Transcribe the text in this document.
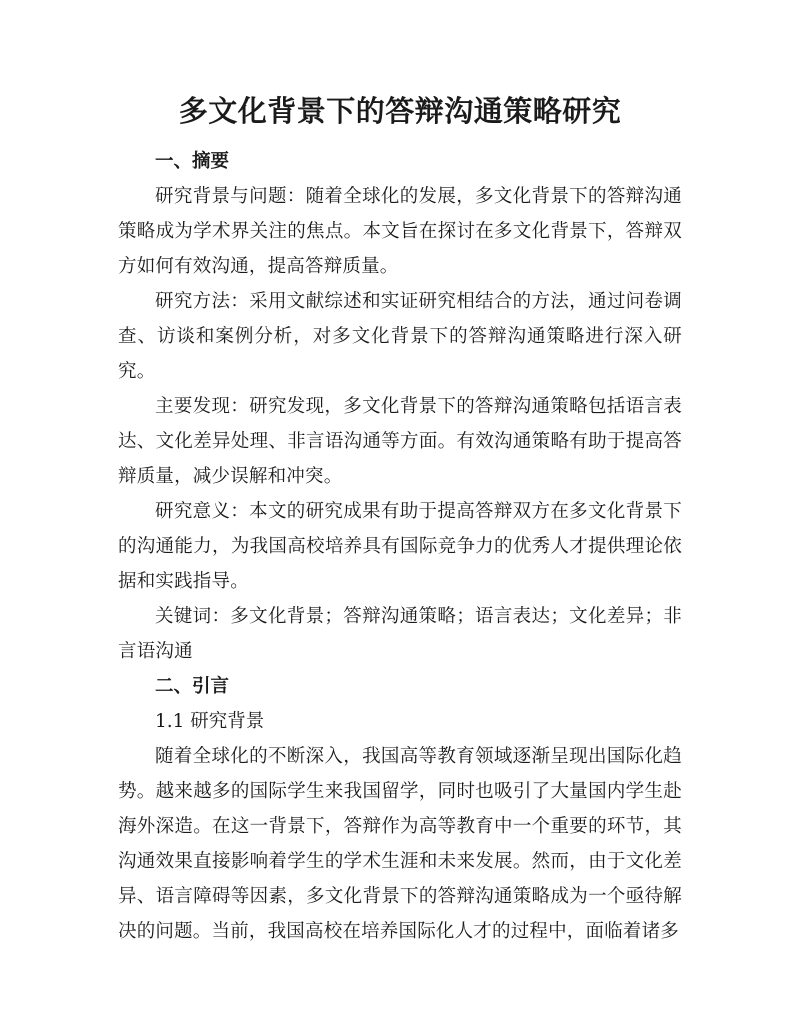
多文化背景下的答辩沟通策略研究

一、摘要

研究背景与问题：随着全球化的发展，多文化背景下的答辩沟通策略成为学术界关注的焦点。本文旨在探讨在多文化背景下，答辩双方如何有效沟通，提高答辩质量。

研究方法：采用文献综述和实证研究相结合的方法，通过问卷调查、访谈和案例分析，对多文化背景下的答辩沟通策略进行深入研究。

主要发现：研究发现，多文化背景下的答辩沟通策略包括语言表达、文化差异处理、非言语沟通等方面。有效沟通策略有助于提高答辩质量，减少误解和冲突。

研究意义：本文的研究成果有助于提高答辩双方在多文化背景下的沟通能力，为我国高校培养具有国际竞争力的优秀人才提供理论依据和实践指导。

关键词：多文化背景；答辩沟通策略；语言表达；文化差异；非言语沟通

二、引言

1.1 研究背景

随着全球化的不断深入，我国高等教育领域逐渐呈现出国际化趋势。越来越多的国际学生来我国留学，同时也吸引了大量国内学生赴海外深造。在这一背景下，答辩作为高等教育中一个重要的环节，其沟通效果直接影响着学生的学术生涯和未来发展。然而，由于文化差异、语言障碍等因素，多文化背景下的答辩沟通策略成为一个亟待解决的问题。当前，我国高校在培养国际化人才的过程中，面临着诸多
